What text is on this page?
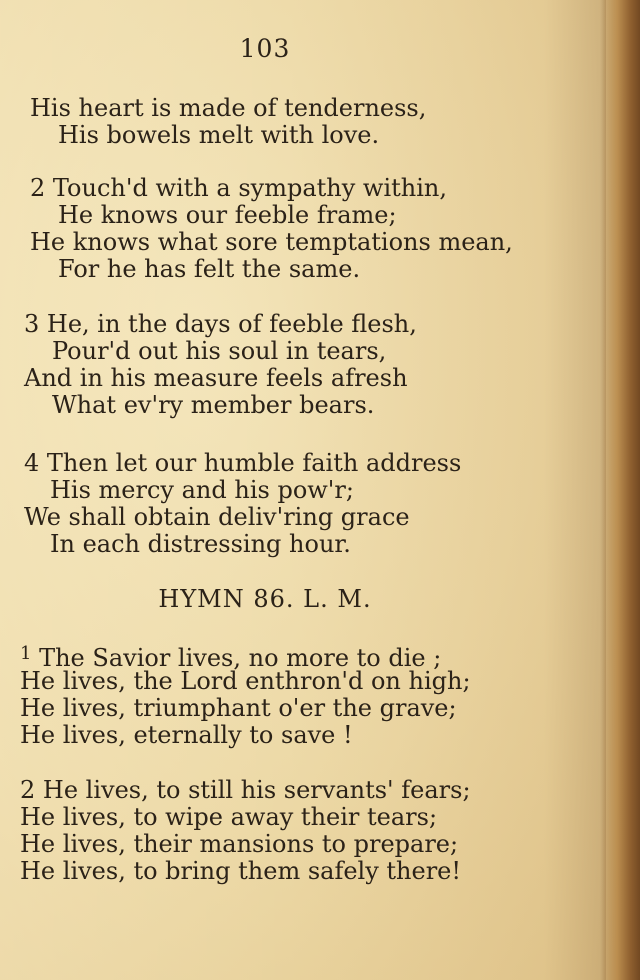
103
His heart is made of tenderness,
His bowels melt with love.
2 Touch'd with a sympathy within,
He knows our feeble frame;
He knows what sore temptations mean,
For he has felt the same.
3 He, in the days of feeble flesh,
Pour'd out his soul in tears,
And in his measure feels afresh
What ev'ry member bears.
4 Then let our humble faith address
His mercy and his pow'r;
We shall obtain deliv'ring grace
In each distressing hour.
HYMN 86. L. M.
$^1$ The Savior lives, no more to die ;
He lives, the Lord enthron'd on high;
He lives, triumphant o'er the grave;
He lives, eternally to save !
2 He lives, to still his servants' fears;
He lives, to wipe away their tears;
He lives, their mansions to prepare;
He lives, to bring them safely there!
